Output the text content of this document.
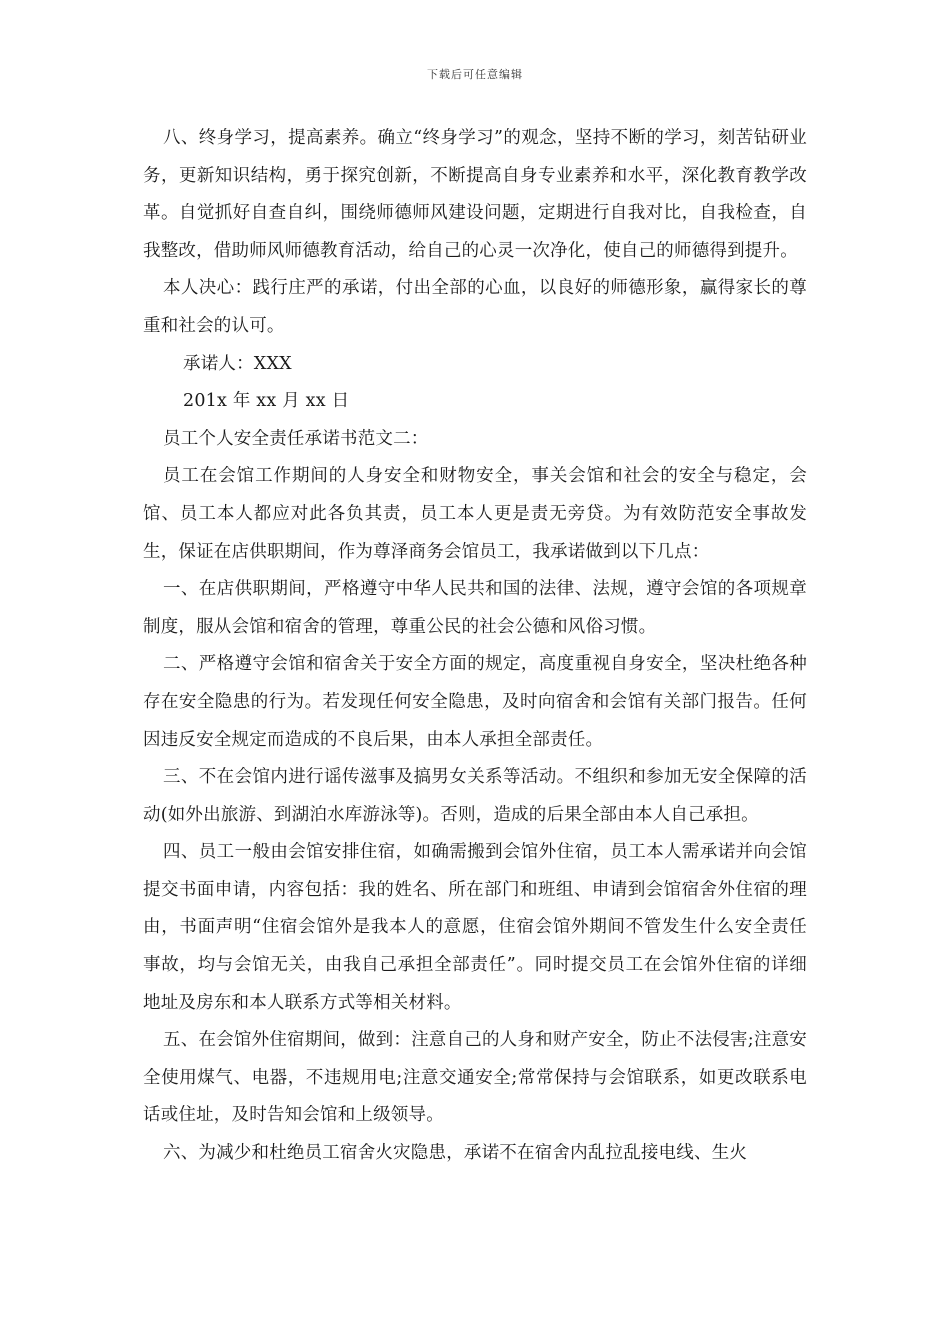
下载后可任意编辑

八、终身学习，提高素养。确立“终身学习”的观念，坚持不断的学习，刻苦钻研业务，更新知识结构，勇于探究创新，不断提高自身专业素养和水平，深化教育教学改革。自觉抓好自查自纠，围绕师德师风建设问题，定期进行自我对比，自我检查，自我整改，借助师风师德教育活动，给自己的心灵一次净化，使自己的师德得到提升。

本人决心：践行庄严的承诺，付出全部的心血，以良好的师德形象，赢得家长的尊重和社会的认可。

承诺人：XXX

201x 年 xx 月 xx 日

员工个人安全责任承诺书范文二：

员工在会馆工作期间的人身安全和财物安全，事关会馆和社会的安全与稳定，会馆、员工本人都应对此各负其责，员工本人更是责无旁贷。为有效防范安全事故发生，保证在店供职期间，作为尊泽商务会馆员工，我承诺做到以下几点：

一、在店供职期间，严格遵守中华人民共和国的法律、法规，遵守会馆的各项规章制度，服从会馆和宿舍的管理，尊重公民的社会公德和风俗习惯。

二、严格遵守会馆和宿舍关于安全方面的规定，高度重视自身安全，坚决杜绝各种存在安全隐患的行为。若发现任何安全隐患，及时向宿舍和会馆有关部门报告。任何因违反安全规定而造成的不良后果，由本人承担全部责任。

三、不在会馆内进行谣传滋事及搞男女关系等活动。不组织和参加无安全保障的活动(如外出旅游、到湖泊水库游泳等)。否则，造成的后果全部由本人自己承担。

四、员工一般由会馆安排住宿，如确需搬到会馆外住宿，员工本人需承诺并向会馆提交书面申请，内容包括：我的姓名、所在部门和班组、申请到会馆宿舍外住宿的理由，书面声明“住宿会馆外是我本人的意愿，住宿会馆外期间不管发生什么安全责任事故，均与会馆无关，由我自己承担全部责任”。同时提交员工在会馆外住宿的详细地址及房东和本人联系方式等相关材料。

五、在会馆外住宿期间，做到：注意自己的人身和财产安全，防止不法侵害;注意安全使用煤气、电器，不违规用电;注意交通安全;常常保持与会馆联系，如更改联系电话或住址，及时告知会馆和上级领导。

六、为减少和杜绝员工宿舍火灾隐患，承诺不在宿舍内乱拉乱接电线、生火
